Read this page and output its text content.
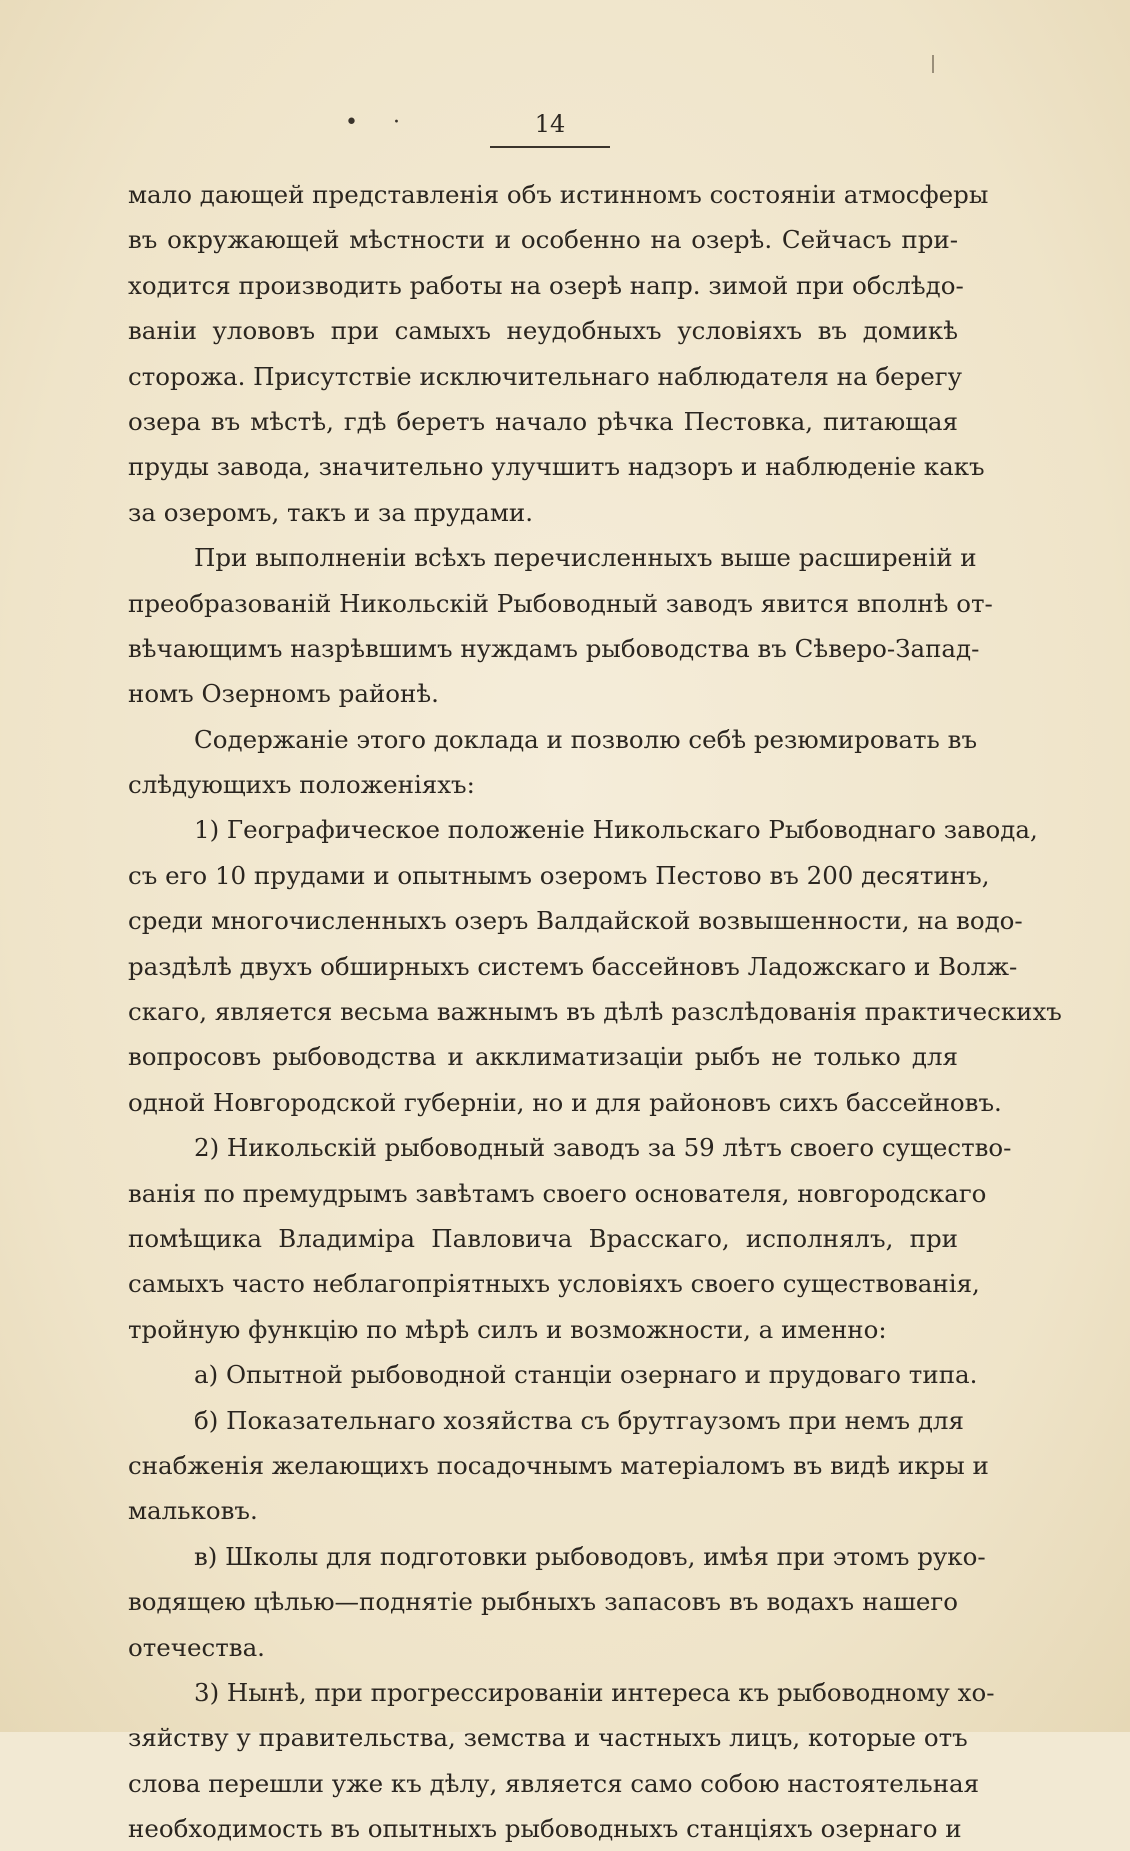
• ·	14
мало дающей представленія объ истинномъ состояніи атмосферы
въ окружающей мѣстности и особенно на озерѣ. Сейчасъ при-
ходится производить работы на озерѣ напр. зимой при обслѣдо-
ваніи улововъ при самыхъ неудобныхъ условіяхъ въ домикѣ
сторожа. Присутствіе исключительнаго наблюдателя на берегу
озера въ мѣстѣ, гдѣ беретъ начало рѣчка Пестовка, питающая
пруды завода, значительно улучшитъ надзоръ и наблюденіе какъ
за озеромъ, такъ и за прудами.
При выполненіи всѣхъ перечисленныхъ выше расширеній и
преобразованій Никольскій Рыбоводный заводъ явится вполнѣ от-
вѣчающимъ назрѣвшимъ нуждамъ рыбоводства въ Сѣверо-Запад-
номъ Озерномъ районѣ.
Содержаніе этого доклада и позволю себѣ резюмировать въ
слѣдующихъ положеніяхъ:
1) Географическое положеніе Никольскаго Рыбоводнаго завода,
съ его 10 прудами и опытнымъ озеромъ Пестово въ 200 десятинъ,
среди многочисленныхъ озеръ Валдайской возвышенности, на водо-
раздѣлѣ двухъ обширныхъ системъ бассейновъ Ладожскаго и Волж-
скаго, является весьма важнымъ въ дѣлѣ разслѣдованія практическихъ
вопросовъ рыбоводства и акклиматизаціи рыбъ не только для
одной Новгородской губерніи, но и для районовъ сихъ бассейновъ.
2) Никольскій рыбоводный заводъ за 59 лѣтъ своего существо-
ванія по премудрымъ завѣтамъ своего основателя, новгородскаго
помѣщика Владиміра Павловича Врасскаго, исполнялъ, при
самыхъ часто неблагопріятныхъ условіяхъ своего существованія,
тройную функцію по мѣрѣ силъ и возможности, а именно:
а) Опытной рыбоводной станціи озернаго и прудоваго типа.
б) Показательнаго хозяйства съ брутгаузомъ при немъ для
снабженія желающихъ посадочнымъ матеріаломъ въ видѣ икры и
мальковъ.
в) Школы для подготовки рыбоводовъ, имѣя при этомъ руко-
водящею цѣлью—поднятіе рыбныхъ запасовъ въ водахъ нашего
отечества.
3) Нынѣ, при прогрессированіи интереса къ рыбоводному хо-
зяйству у правительства, земства и частныхъ лицъ, которые отъ
слова перешли уже къ дѣлу, является само собою настоятельная
необходимость въ опытныхъ рыбоводныхъ станціяхъ озернаго и
